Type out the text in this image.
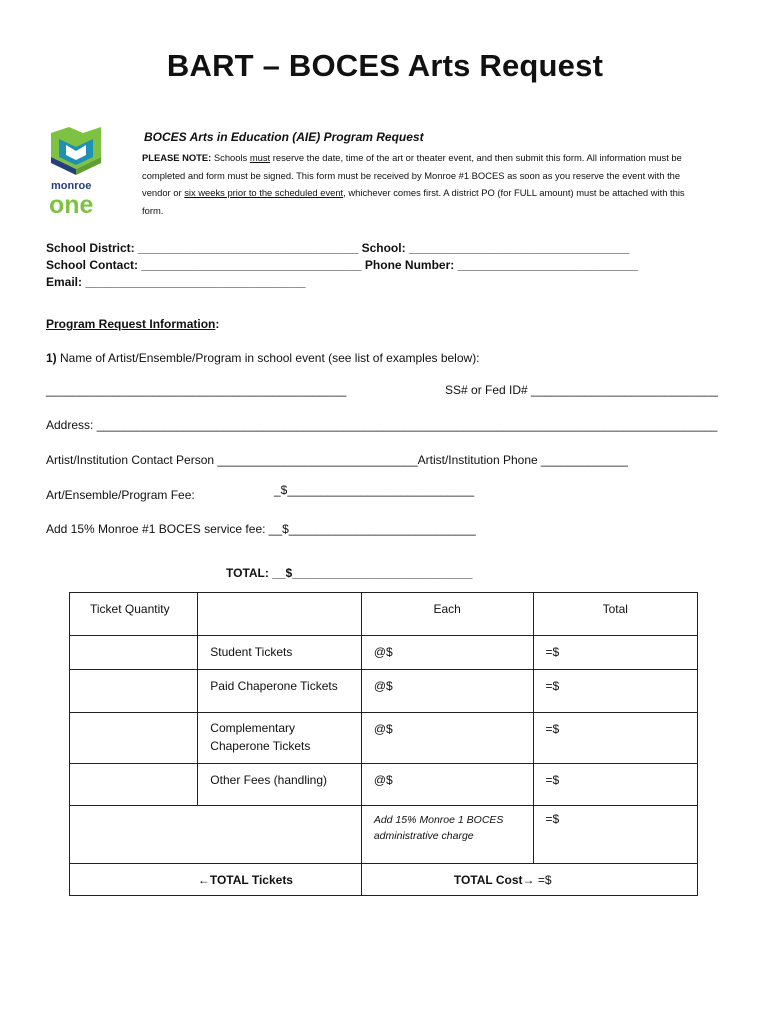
BART – BOCES Arts Request
monroe
one
BOCES Arts in Education (AIE) Program Request
PLEASE NOTE: Schools must reserve the date, time of the art or theater event, and then submit this form. All information must be completed and form must be signed. This form must be received by Monroe #1 BOCES as soon as you reserve the event with the vendor or six weeks prior to the scheduled event, whichever comes first. A district PO (for FULL amount) must be attached with this form.
School District: _________________________________ School: _________________________________
School Contact: _________________________________ Phone Number: ___________________________
Email: _________________________________
Program Request Information:
1) Name of Artist/Ensemble/Program in school event (see list of examples below):
_____________________________________________	SS# or Fed ID# ____________________________
Address: _____________________________________________________________________________________________
Artist/Institution Contact Person ______________________________Artist/Institution Phone _____________
Art/Ensemble/Program Fee:	_$____________________________
Add 15% Monroe #1 BOCES service fee: __$____________________________
TOTAL: __$___________________________
Ticket Quantity		Each	Total

	Student Tickets	@$	=$

	Paid Chaperone Tickets	@$	=$

	Complementary Chaperone Tickets	@$	=$

	Other Fees (handling)	@$	=$

		Add 15% Monroe 1 BOCES administrative charge	=$

←TOTAL Tickets		TOTAL Cost→ =$	
